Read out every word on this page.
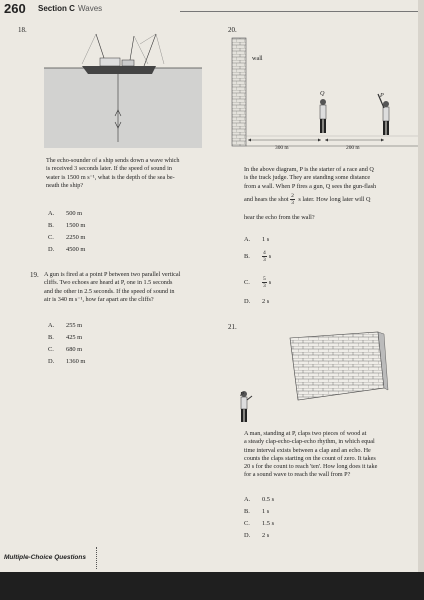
260 Section C Waves
18.
The echo-sounder of a ship sends down a wave which
is received 3 seconds later. If the speed of sound in
water is 1500 m s⁻¹, what is the depth of the sea be-
neath the ship?
A. 500 m
B. 1500 m
C. 2250 m
D. 4500 m
19. A gun is fired at a point P between two parallel vertical
cliffs. Two echoes are heard at P, one in 1.5 seconds
and the other in 2.5 seconds. If the speed of sound in
air is 340 m s⁻¹, how far apart are the cliffs?
A. 255 m
B. 425 m
C. 680 m
D. 1360 m
20.
wall
Q	P
300 m	200 m
In the above diagram, P is the starter of a race and Q
is the track judge. They are standing some distance
from a wall. When P fires a gun, Q sees the gun-flash
and hears the shot $\frac{2}{3}$ s later. How long later will Q
hear the echo from the wall?
A. 1 s
B. $\frac{4}{3}$ s
C. $\frac{5}{3}$ s
D. 2 s
21.
P
A man, standing at P, claps two pieces of wood at
a steady clap-echo-clap-echo rhythm, in which equal
time interval exists between a clap and an echo. He
counts the claps starting on the count of zero. It takes
20 s for the count to reach 'ten'. How long does it take
for a sound wave to reach the wall from P?
A. 0.5 s
B. 1 s
C. 1.5 s
D. 2 s
Multiple-Choice Questions
